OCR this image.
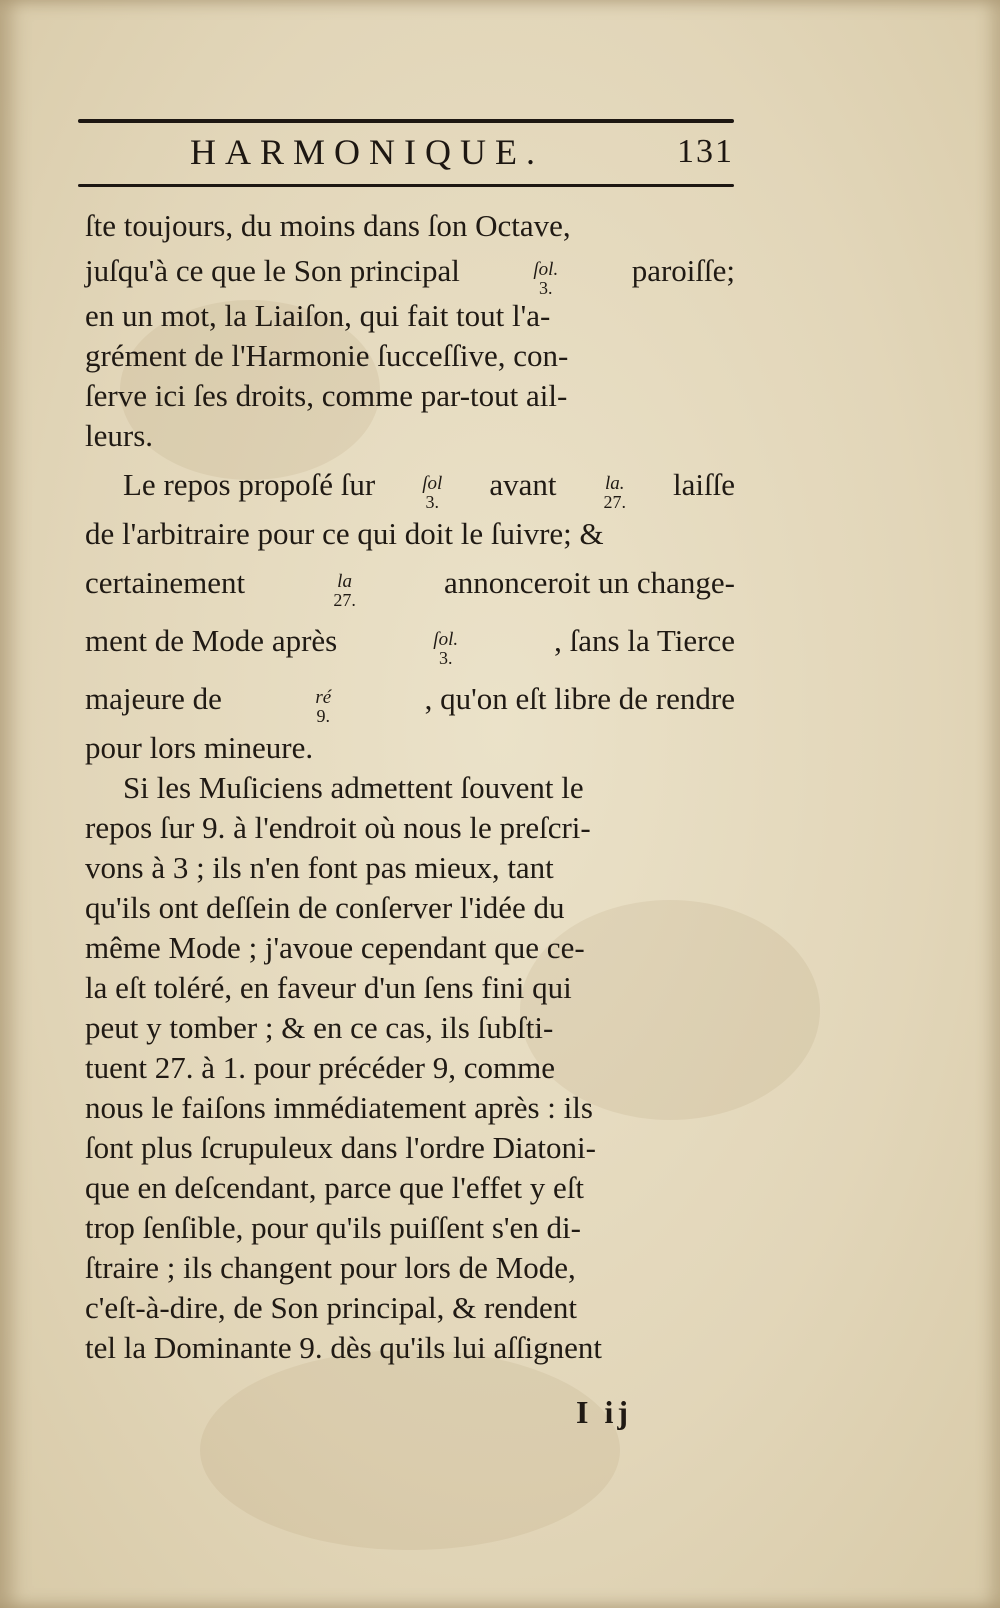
HARMONIQUE.	131
ſte toujours, du moins dans ſon Octave,
juſqu'à ce que le Son principal	ſol.
3.	paroiſſe;
en un mot, la Liaiſon, qui fait tout l'a-
grément de l'Harmonie ſucceſſive, con-
ſerve ici ſes droits, comme par-tout ail-
leurs.
Le repos propoſé ſur ſol
3. avant	la.
27. laiſſe
de l'arbitraire pour ce qui doit le ſuivre; &
certainement	la
27.	annonceroit un change-
ment de Mode après	ſol.
3.	, ſans la Tierce
majeure de	ré
9.	, qu'on eſt libre de rendre
pour lors mineure.
Si les Muſiciens admettent ſouvent le
repos ſur 9. à l'endroit où nous le preſcri-
vons à 3 ; ils n'en font pas mieux, tant
qu'ils ont deſſein de conſerver l'idée du
même Mode ; j'avoue cependant que ce-
la eſt toléré, en faveur d'un ſens fini qui
peut y tomber ; & en ce cas, ils ſubſti-
tuent 27. à 1. pour précéder 9, comme
nous le faiſons immédiatement après : ils
ſont plus ſcrupuleux dans l'ordre Diatoni-
que en deſcendant, parce que l'effet y eſt
trop ſenſible, pour qu'ils puiſſent s'en di-
ſtraire ; ils changent pour lors de Mode,
c'eſt-à-dire, de Son principal, & rendent
tel la Dominante 9. dès qu'ils lui aſſignent
I ij
